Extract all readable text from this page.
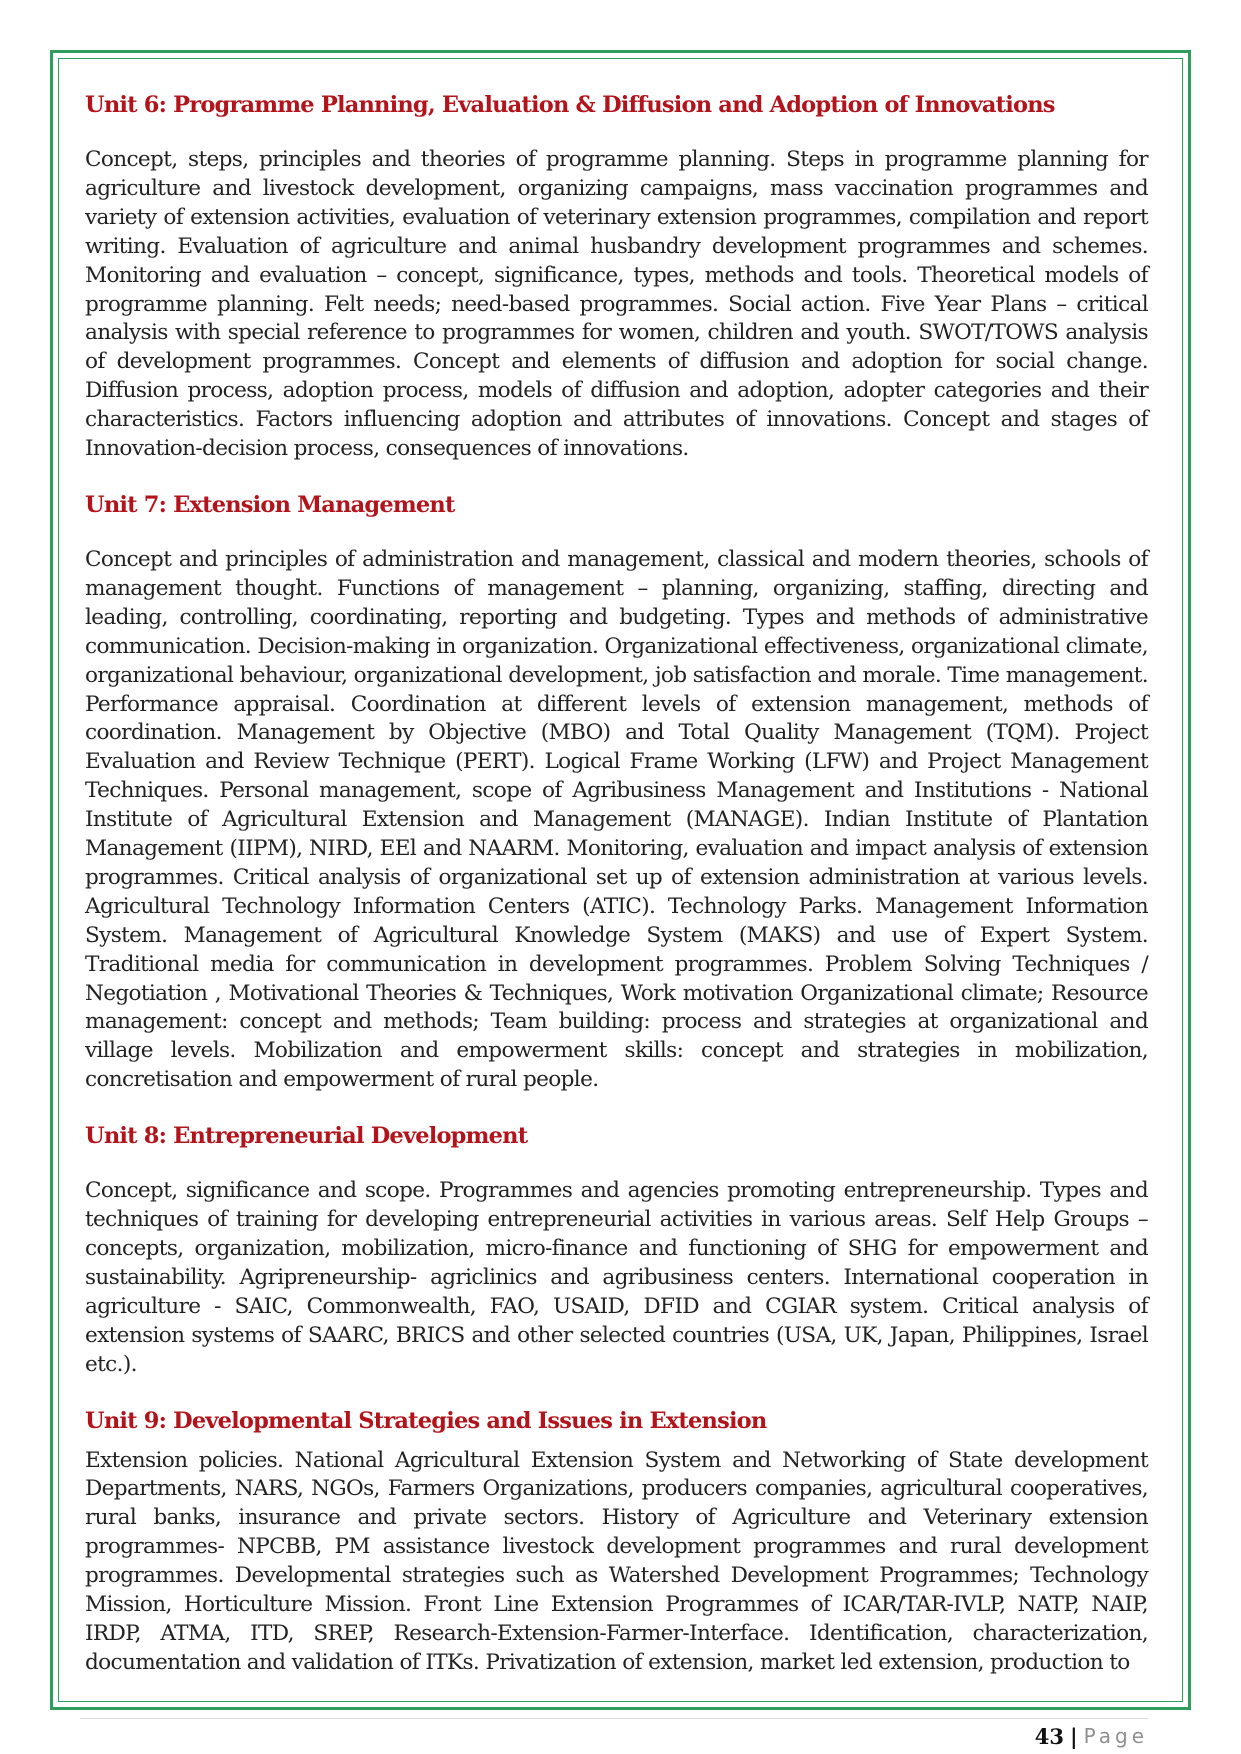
Unit 6: Programme Planning, Evaluation & Diffusion and Adoption of Innovations

Concept, steps, principles and theories of programme planning. Steps in programme planning for agriculture and livestock development, organizing campaigns, mass vaccination programmes and variety of extension activities, evaluation of veterinary extension programmes, compilation and report writing. Evaluation of agriculture and animal husbandry development programmes and schemes. Monitoring and evaluation – concept, significance, types, methods and tools. Theoretical models of programme planning. Felt needs; need-based programmes. Social action. Five Year Plans – critical analysis with special reference to programmes for women, children and youth. SWOT/TOWS analysis of development programmes. Concept and elements of diffusion and adoption for social change. Diffusion process, adoption process, models of diffusion and adoption, adopter categories and their characteristics. Factors influencing adoption and attributes of innovations. Concept and stages of Innovation-decision process, consequences of innovations.

Unit 7: Extension Management

Concept and principles of administration and management, classical and modern theories, schools of management thought. Functions of management – planning, organizing, staffing, directing and leading, controlling, coordinating, reporting and budgeting. Types and methods of administrative communication. Decision-making in organization. Organizational effectiveness, organizational climate, organizational behaviour, organizational development, job satisfaction and morale. Time management. Performance appraisal. Coordination at different levels of extension management, methods of coordination. Management by Objective (MBO) and Total Quality Management (TQM). Project Evaluation and Review Technique (PERT). Logical Frame Working (LFW) and Project Management Techniques. Personal management, scope of Agribusiness Management and Institutions - National Institute of Agricultural Extension and Management (MANAGE). Indian Institute of Plantation Management (IIPM), NIRD, EEl and NAARM. Monitoring, evaluation and impact analysis of extension programmes. Critical analysis of organizational set up of extension administration at various levels. Agricultural Technology Information Centers (ATIC). Technology Parks. Management Information System. Management of Agricultural Knowledge System (MAKS) and use of Expert System. Traditional media for communication in development programmes. Problem Solving Techniques / Negotiation , Motivational Theories & Techniques, Work motivation Organizational climate; Resource management: concept and methods; Team building: process and strategies at organizational and village levels. Mobilization and empowerment skills: concept and strategies in mobilization, concretisation and empowerment of rural people.

Unit 8: Entrepreneurial Development

Concept, significance and scope. Programmes and agencies promoting entrepreneurship. Types and techniques of training for developing entrepreneurial activities in various areas. Self Help Groups – concepts, organization, mobilization, micro-finance and functioning of SHG for empowerment and sustainability. Agripreneurship- agriclinics and agribusiness centers. International cooperation in agriculture - SAIC, Commonwealth, FAO, USAID, DFID and CGIAR system. Critical analysis of extension systems of SAARC, BRICS and other selected countries (USA, UK, Japan, Philippines, Israel etc.).

Unit 9: Developmental Strategies and Issues in Extension

Extension policies. National Agricultural Extension System and Networking of State development Departments, NARS, NGOs, Farmers Organizations, producers companies, agricultural cooperatives, rural banks, insurance and private sectors. History of Agriculture and Veterinary extension programmes- NPCBB, PM assistance livestock development programmes and rural development programmes. Developmental strategies such as Watershed Development Programmes; Technology Mission, Horticulture Mission. Front Line Extension Programmes of ICAR/TAR-IVLP, NATP, NAIP, IRDP, ATMA, ITD, SREP, Research-Extension-Farmer-Interface. Identification, characterization, documentation and validation of ITKs. Privatization of extension, market led extension, production to

43 | Page
